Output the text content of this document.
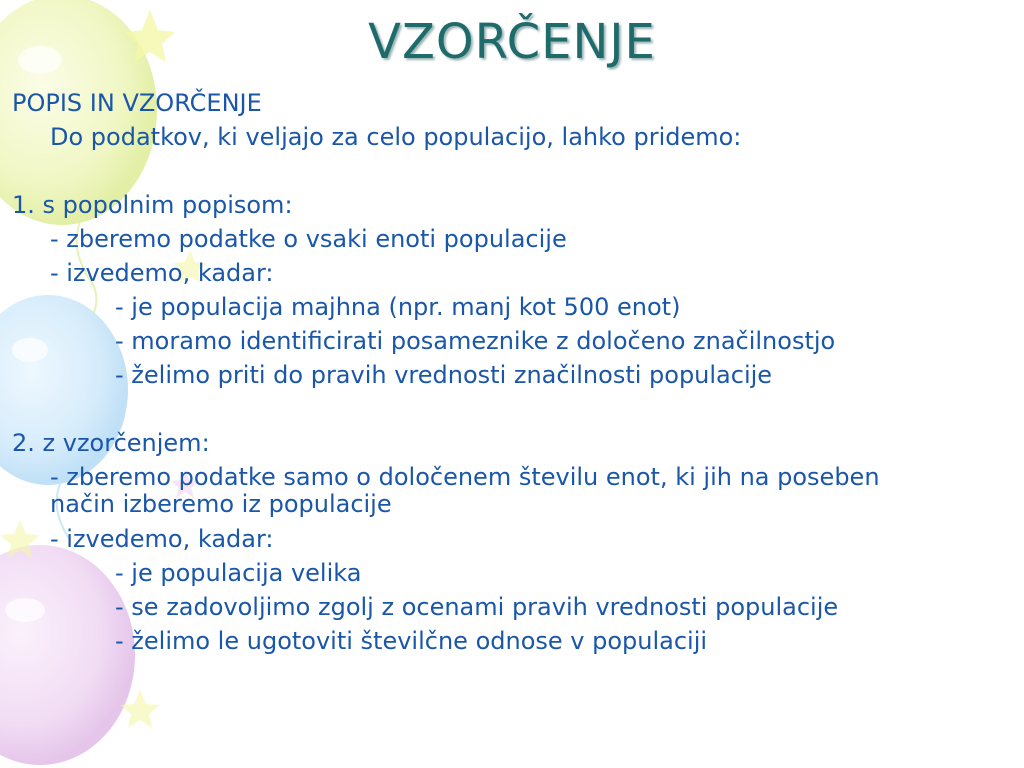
VZORČENJE
POPIS IN VZORČENJE
Do podatkov, ki veljajo za celo populacijo, lahko pridemo:
1. s popolnim popisom:
- zberemo podatke o vsaki enoti populacije
- izvedemo, kadar:
- je populacija majhna (npr. manj kot 500 enot)
- moramo identificirati posameznike z določeno značilnostjo
- želimo priti do pravih vrednosti značilnosti populacije
2. z vzorčenjem:
- zberemo podatke samo o določenem številu enot, ki jih na poseben način izberemo iz populacije
- izvedemo, kadar:
- je populacija velika
- se zadovoljimo zgolj z ocenami pravih vrednosti populacije
- želimo le ugotoviti številčne odnose v populaciji
